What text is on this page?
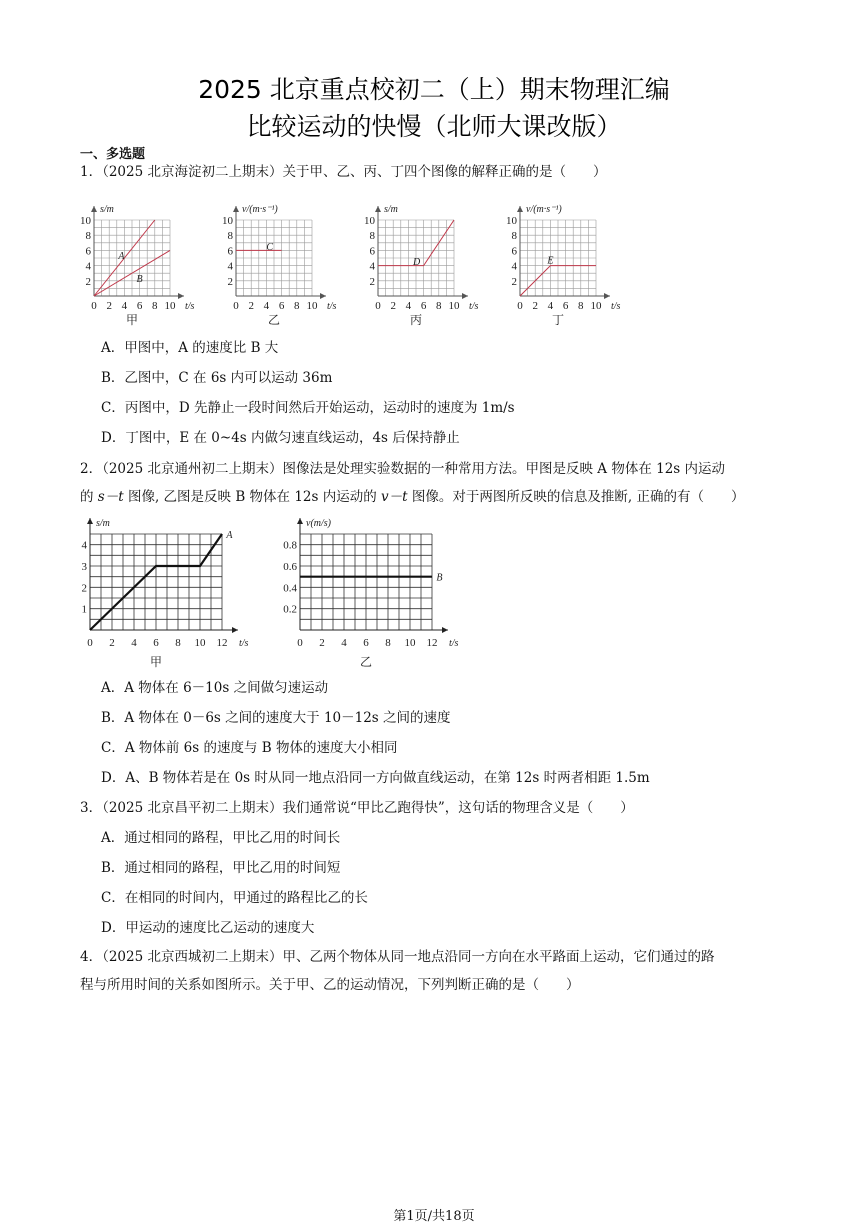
2025 北京重点校初二（上）期末物理汇编
比较运动的快慢（北师大课改版）
一、多选题
1．（2025 北京海淀初二上期末）关于甲、乙、丙、丁四个图像的解释正确的是（　　）
0 2 4 6 8 10
2
4
6
8
10
s/m
t/s
A
B
甲
0 2 4 6 8 10
2
4
6
8
10
v/(m·s⁻¹)
t/s
C
乙
0 2 4 6 8 10
2
4
6
8
10
s/m
t/s
D
丙
0 2 4 6 8 10
2
4
6
8
10
v/(m·s⁻¹)
t/s
E
丁
A．甲图中，A 的速度比 B 大
B．乙图中，C 在 6s 内可以运动 36m
C．丙图中，D 先静止一段时间然后开始运动，运动时的速度为 1m/s
D．丁图中，E 在 0~4s 内做匀速直线运动，4s 后保持静止
2．（2025 北京通州初二上期末）图像法是处理实验数据的一种常用方法。甲图是反映 A 物体在 12s 内运动
的 s－t 图像, 乙图是反映 B 物体在 12s 内运动的 v－t 图像。对于两图所反映的信息及推断, 正确的有（　　）
0 2 4 6 8 10 12
1
2
3
4
s/m
t/s
A
甲
0 2 4 6 8 10 12
0.2
0.4
0.6
0.8
v(m/s)
t/s
B
乙
A．A 物体在 6－10s 之间做匀速运动
B．A 物体在 0－6s 之间的速度大于 10－12s 之间的速度
C．A 物体前 6s 的速度与 B 物体的速度大小相同
D．A、B 物体若是在 0s 时从同一地点沿同一方向做直线运动，在第 12s 时两者相距 1.5m
3．（2025 北京昌平初二上期末）我们通常说“甲比乙跑得快”，这句话的物理含义是（　　）
A．通过相同的路程，甲比乙用的时间长
B．通过相同的路程，甲比乙用的时间短
C．在相同的时间内，甲通过的路程比乙的长
D．甲运动的速度比乙运动的速度大
4．（2025 北京西城初二上期末）甲、乙两个物体从同一地点沿同一方向在水平路面上运动，它们通过的路
程与所用时间的关系如图所示。关于甲、乙的运动情况，下列判断正确的是（　　）
第1页/共18页
